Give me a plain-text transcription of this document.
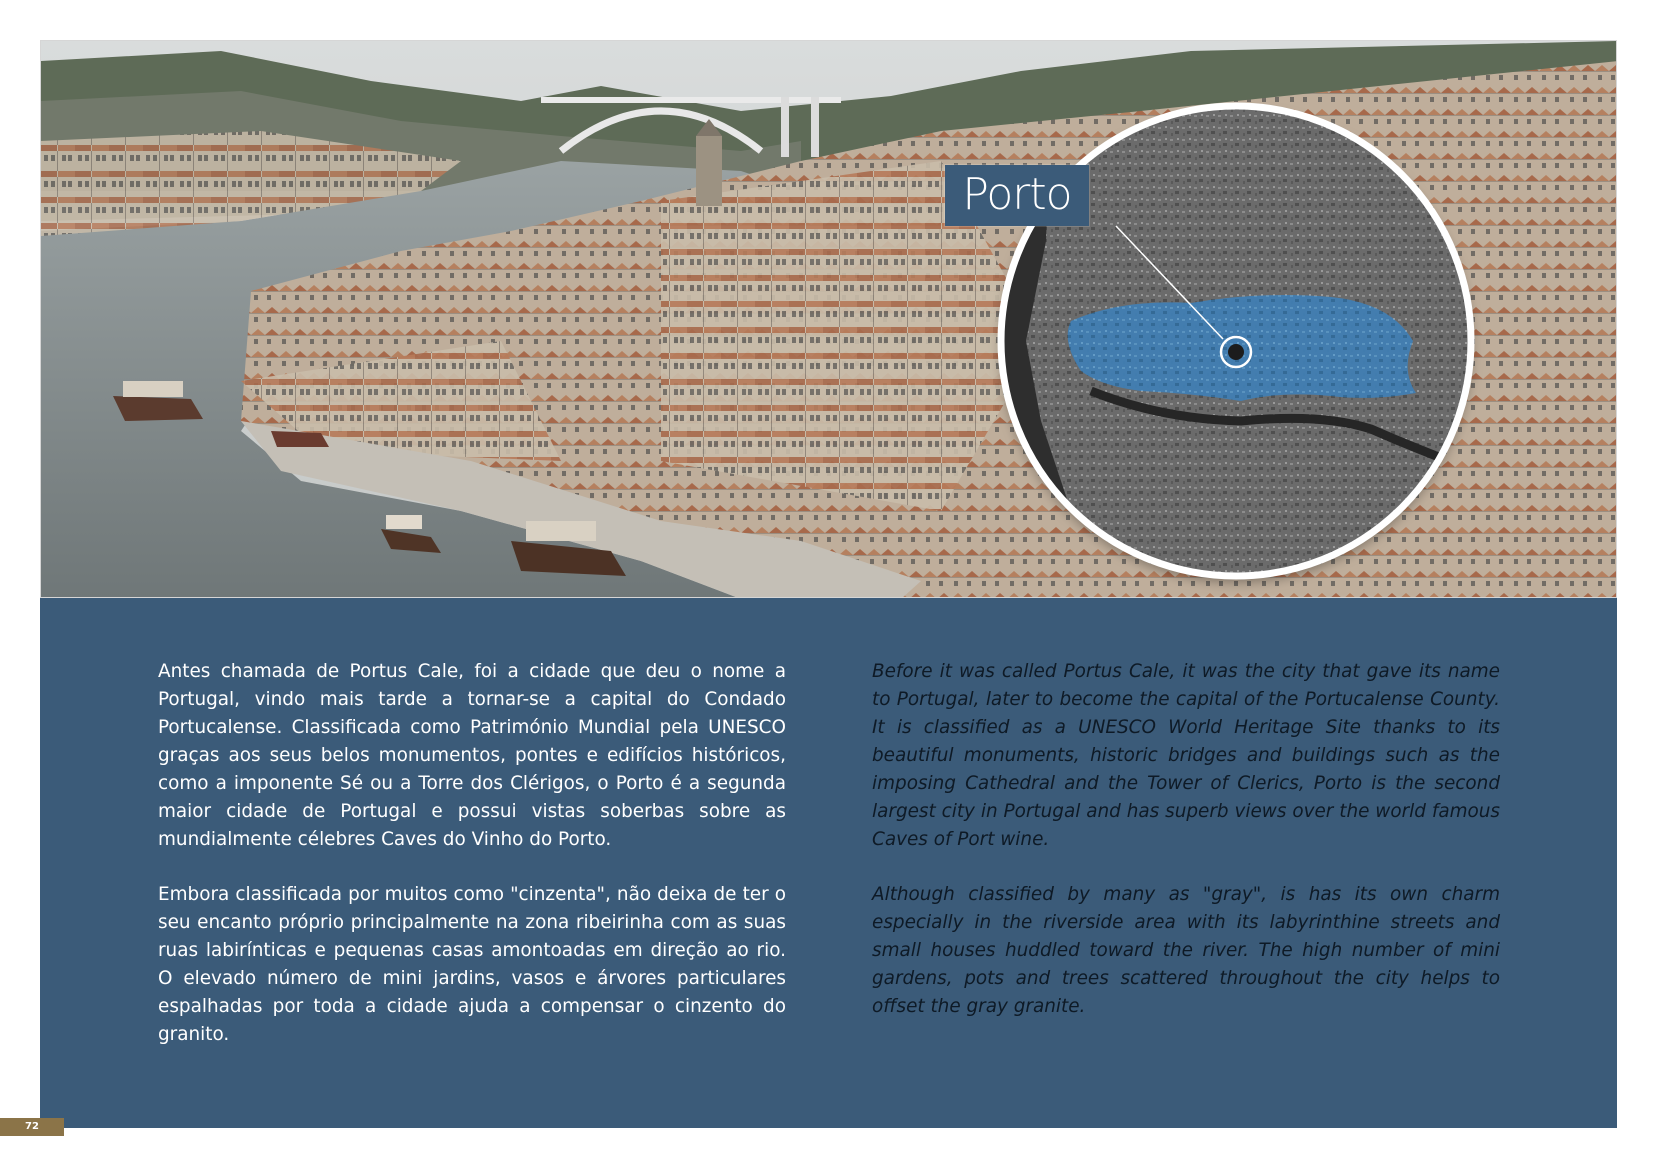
Porto

Antes chamada de Portus Cale, foi a cidade que deu o nome a Portugal, vindo mais tarde a tornar-se a capital do Condado Portucalense. Classificada como Património Mundial pela UNESCO graças aos seus belos monumentos, pontes e edifícios históricos, como a imponente Sé ou a Torre dos Clérigos, o Porto é a segunda maior cidade de Portugal e possui vistas soberbas sobre as mundialmente célebres Caves do Vinho do Porto.

Embora classificada por muitos como "cinzenta", não deixa de ter o seu encanto próprio principalmente na zona ribeirinha com as suas ruas labirínticas e pequenas casas amontoadas em direção ao rio. O elevado número de mini jardins, vasos e árvores particulares espalhadas por toda a cidade ajuda a compensar o cinzento do granito.

Before it was called Portus Cale, it was the city that gave its name to Portugal, later to become the capital of the Portucalense County. It is classified as a UNESCO World Heritage Site thanks to its beautiful monuments, historic bridges and buildings such as the imposing Cathedral and the Tower of Clerics, Porto is the second largest city in Portugal and has superb views over the world famous Caves of Port wine.

Although classified by many as "gray", is has its own charm especially in the riverside area with its labyrinthine streets and small houses huddled toward the river. The high number of mini gardens, pots and trees scattered throughout the city helps to offset the gray granite.

72
